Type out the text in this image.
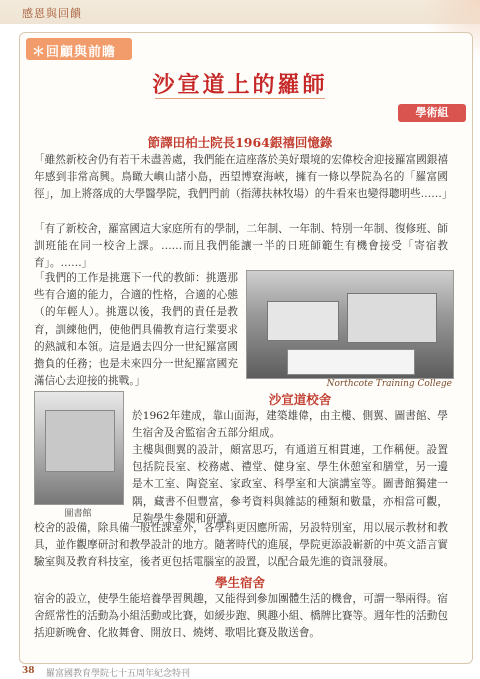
感恩與回饋
＊回顧與前瞻
沙宣道上的羅師
學術組
節譯田柏士院長1964銀禧回憶錄

「雖然新校舍仍有若干未盡善處，我們能在這座落於美好環境的宏偉校舍迎接羅富國銀禧年感到非常高興。鳥瞰大嶼山諸小島，西望博寮海峽，擁有一條以學院為名的「羅富國徑」，加上將落成的大學醫學院，我們門前（指薄扶林牧場）的牛看來也變得聰明些……」

「有了新校舍，羅富國這大家庭所有的學制，二年制、一年制、特別一年制、復修班、師訓班能在同一校舍上課。……而且我們能讓一半的日班師範生有機會接受「寄宿教育」。……」

「我們的工作是挑選下一代的教師：挑選那些有合適的能力，合適的性格，合適的心態（的年輕人）。挑選以後，我們的責任是教育，訓練他們，使他們具備教育這行業要求的熱誠和本領。這是過去四分一世紀羅富國擔負的任務；也是未來四分一世紀羅富國充滿信心去迎接的挑戰。」	Northcote Training College
沙宣道校舍
圖書館

於1962年建成，靠山面海，建築雄偉，由主樓、側翼、圖書館、學生宿舍及舍監宿舍五部分組成。

主樓與側翼的設計，頗富思巧，有通道互相貫連，工作稱便。設置包括院長室、校務處、禮堂、健身室、學生休憩室和膳堂，另一邊是木工室、陶瓷室、家政室、科學室和大演講室等。圖書館獨建一隅，藏書不但豐富，參考資料與雜誌的種類和數量，亦相當可觀，足夠學生參閱和研讀。

校舍的設備，除具備一般性課室外，各學科更因應所需，另設特別室，用以展示教材和教具，並作觀摩研討和教學設計的地方。隨著時代的進展，學院更添設嶄新的中英文語言實驗室與及教育科技室，後者更包括電腦室的設置，以配合最先進的資訊發展。

學生宿舍

宿舍的設立，使學生能培養學習興趣，又能得到參加團體生活的機會，可謂一舉兩得。宿舍經常性的活動為小組活動或比賽，如緩步跑、興趣小組、橋牌比賽等。週年性的活動包括迎新晚會、化妝舞會、開放日、燒烤、歌唱比賽及散送會。

38 羅富國教育學院七十五周年紀念特刊
